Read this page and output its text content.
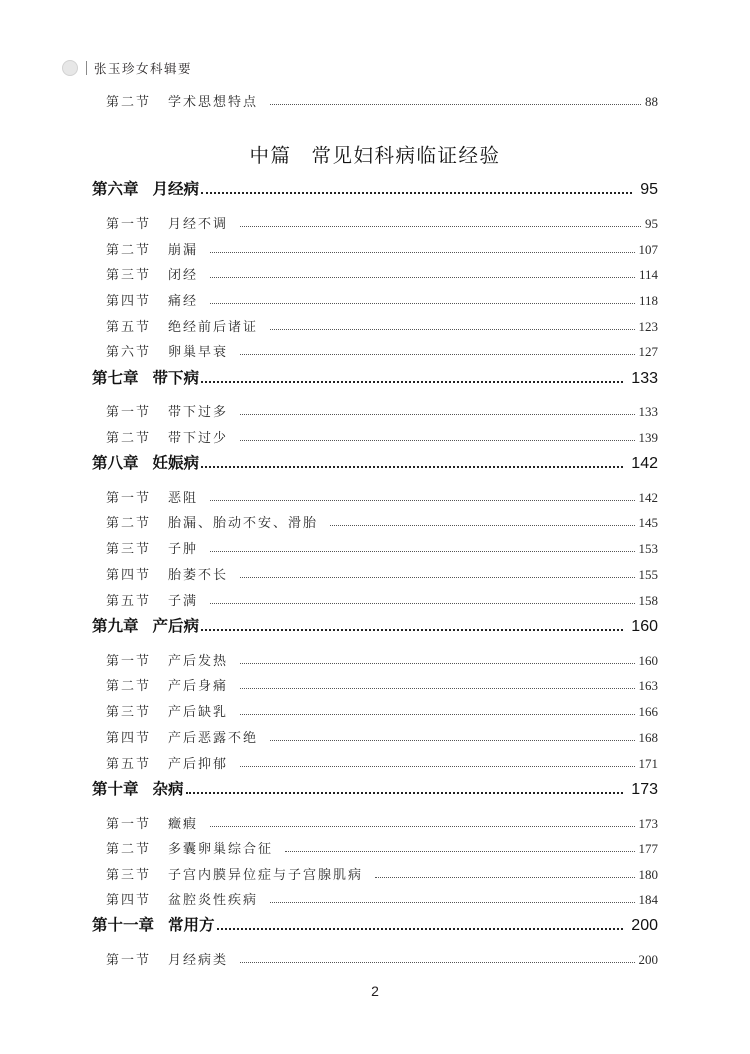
张玉珍女科辑要
第二节	学术思想特点	88
中篇 常见妇科病临证经验
第六章 月经病	95
第一节	月经不调	95
第二节	崩漏	107
第三节	闭经	114
第四节	痛经	118
第五节	绝经前后诸证	123
第六节	卵巢早衰	127
第七章 带下病	133
第一节	带下过多	133
第二节	带下过少	139
第八章 妊娠病	142
第一节	恶阻	142
第二节	胎漏、胎动不安、滑胎	145
第三节	子肿	153
第四节	胎萎不长	155
第五节	子满	158
第九章 产后病	160
第一节	产后发热	160
第二节	产后身痛	163
第三节	产后缺乳	166
第四节	产后恶露不绝	168
第五节	产后抑郁	171
第十章 杂病	173
第一节	癥瘕	173
第二节	多囊卵巢综合征	177
第三节	子宫内膜异位症与子宫腺肌病	180
第四节	盆腔炎性疾病	184
第十一章 常用方	200
第一节	月经病类	200
2
